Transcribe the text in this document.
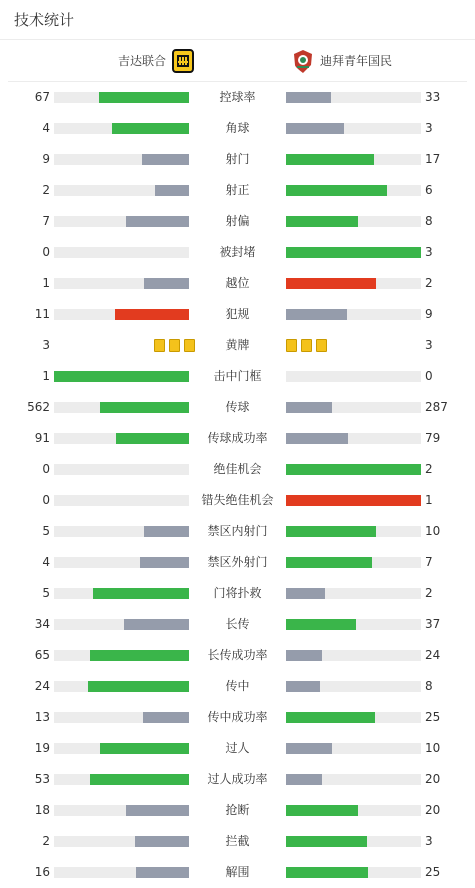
技术统计
吉达联合	迪拜青年国民
67	控球率	33
4	角球	3
9	射门	17
2	射正	6
7	射偏	8
0	被封堵	3
1	越位	2
11	犯规	9
3	黄牌	3
1	击中门框	0
562	传球	287
91	传球成功率	79
0	绝佳机会	2
0	错失绝佳机会	1
5	禁区内射门	10
4	禁区外射门	7
5	门将扑救	2
34	长传	37
65	长传成功率	24
24	传中	8
13	传中成功率	25
19	过人	10
53	过人成功率	20
18	抢断	20
2	拦截	3
16	解围	25
